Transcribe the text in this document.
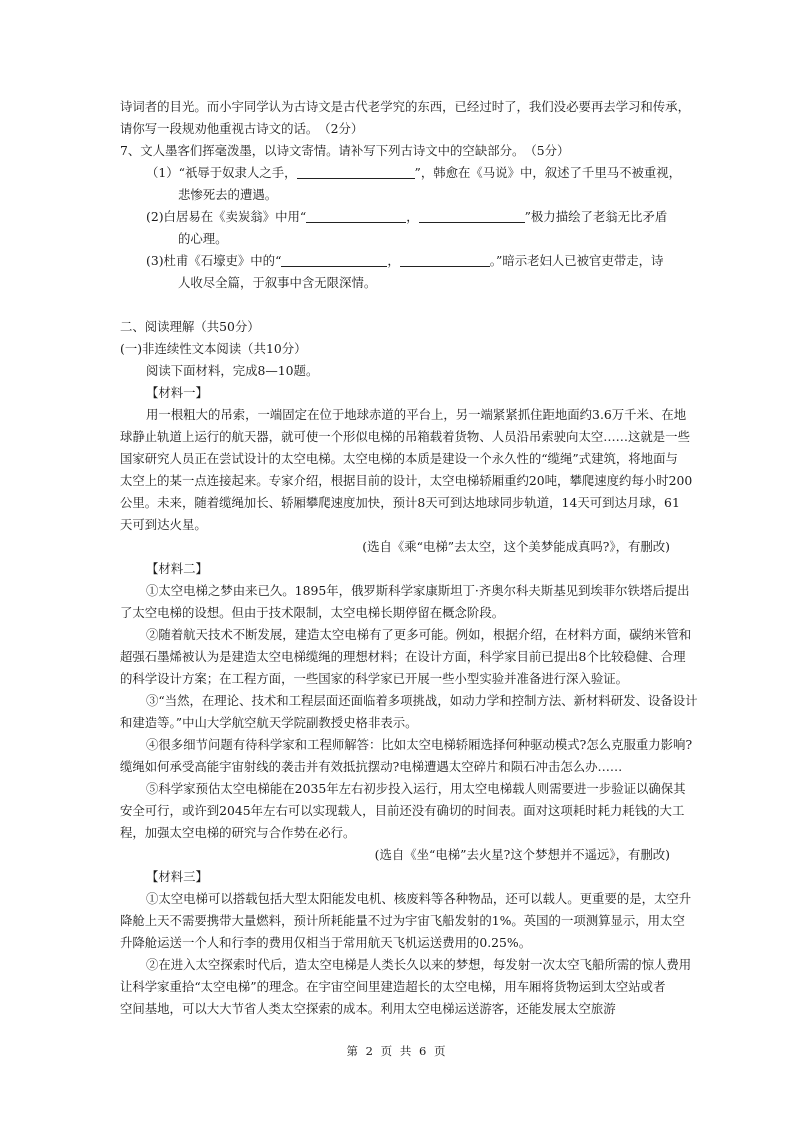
诗词者的目光。而小宇同学认为古诗文是古代老学究的东西，已经过时了，我们没必要再去学习和传承，
请你写一段规劝他重视古诗文的话。　（2分）
7、文人墨客们挥毫泼墨，以诗文寄情。请补写下列古诗文中的空缺部分。　（5分）
（1）“祇辱于奴隶人之手，	”，韩愈在《马说》中，叙述了千里马不被重视，
悲惨死去的遭遇。
(2)白居易在《卖炭翁》中用“	，	”极力描绘了老翁无比矛盾
的心理。
(3)杜甫《石壕吏》中的“	，	。”暗示老妇人已被官吏带走，诗
人收尽全篇，于叙事中含无限深情。
二、阅读理解（共50分）
(一)非连续性文本阅读（共10分）
阅读下面材料，完成8—10题。
【材料一】
用一根粗大的吊索，一端固定在位于地球赤道的平台上，另一端紧紧抓住距地面约3.6万千米、在地
球静止轨道上运行的航天器，就可使一个形似电梯的吊箱载着货物、人员沿吊索驶向太空……这就是一些
国家研究人员正在尝试设计的太空电梯。太空电梯的本质是建设一个永久性的“缆绳”式建筑，将地面与
太空上的某一点连接起来。专家介绍，根据目前的设计，太空电梯轿厢重约20吨，攀爬速度约每小时200
公里。未来，随着缆绳加长、轿厢攀爬速度加快，预计8天可到达地球同步轨道，14天可到达月球，61
天可到达火星。
(选自《乘“电梯”去太空，这个美梦能成真吗?》，有删改)
【材料二】
①太空电梯之梦由来已久。1895年，俄罗斯科学家康斯坦丁·齐奥尔科夫斯基见到埃菲尔铁塔后提出
了太空电梯的设想。但由于技术限制，太空电梯长期停留在概念阶段。
②随着航天技术不断发展，建造太空电梯有了更多可能。例如，根据介绍，在材料方面，碳纳米管和
超强石墨烯被认为是建造太空电梯缆绳的理想材料；在设计方面，科学家目前已提出8个比较稳健、合理
的科学设计方案；在工程方面，一些国家的科学家已开展一些小型实验并准备进行深入验证。
③“当然，在理论、技术和工程层面还面临着多项挑战，如动力学和控制方法、新材料研发、设备设计
和建造等。”中山大学航空航天学院副教授史格非表示。
④很多细节问题有待科学家和工程师解答：比如太空电梯轿厢选择何种驱动模式?怎么克服重力影响?
缆绳如何承受高能宇宙射线的袭击并有效抵抗摆动?电梯遭遇太空碎片和陨石冲击怎么办……
⑤科学家预估太空电梯能在2035年左右初步投入运行，用太空电梯载人则需要进一步验证以确保其
安全可行，或许到2045年左右可以实现载人，目前还没有确切的时间表。面对这项耗时耗力耗钱的大工
程，加强太空电梯的研究与合作势在必行。
(选自《坐“电梯”去火星?这个梦想并不遥远》，有删改)
【材料三】
①太空电梯可以搭载包括大型太阳能发电机、核废料等各种物品，还可以载人。更重要的是，太空升
降舱上天不需要携带大量燃料，预计所耗能量不过为宇宙飞船发射的1%。英国的一项测算显示，用太空
升降舱运送一个人和行李的费用仅相当于常用航天飞机运送费用的0.25%。
②在进入太空探索时代后，造太空电梯是人类长久以来的梦想，每发射一次太空飞船所需的惊人费用
让科学家重拾“太空电梯”的理念。在宇宙空间里建造超长的太空电梯，用车厢将货物运到太空站或者
空间基地，可以大大节省人类太空探索的成本。利用太空电梯运送游客，还能发展太空旅游
第 2 页 共 6 页
